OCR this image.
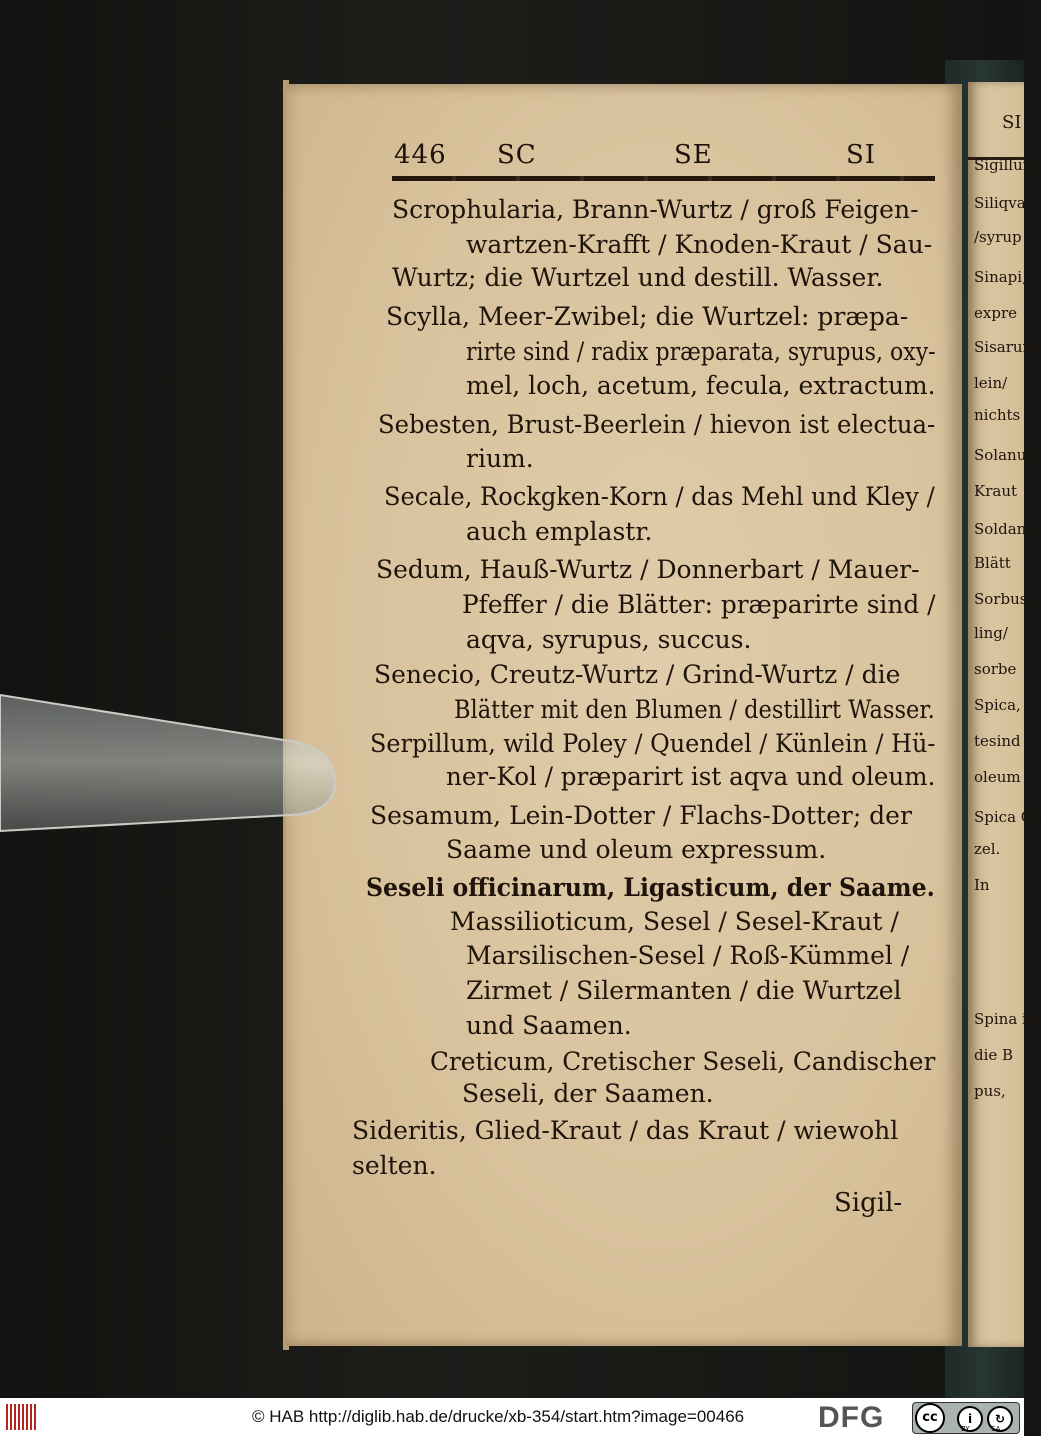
SI
Sigillum
Siliqva,
/syrup
Sinapi,
expre
Sisarum
lein/
nichts
Solanum
Kraut
Soldane
Blätt
Sorbus,
ling/
sorbe
Spica,
tesind
oleum
Spica Ce
zel.
In
Spina in
die B
pus,
446 SC	SE	SI
Scrophularia, Brann-Wurtz / groß Feigen-
wartzen-Krafft / Knoden-Kraut / Sau-
Wurtz; die Wurtzel und destill. Wasser.
Scylla, Meer-Zwibel; die Wurtzel: præpa-
rirte sind / radix præparata, syrupus, oxy-
mel, loch, acetum, fecula, extractum.
Sebesten, Brust-Beerlein / hievon ist electua-
rium.
Secale, Rockgken-Korn / das Mehl und Kley /
auch emplastr.
Sedum, Hauß-Wurtz / Donnerbart / Mauer-
Pfeffer / die Blätter: præparirte sind /
aqva, syrupus, succus.
Senecio, Creutz-Wurtz / Grind-Wurtz / die
Blätter mit den Blumen / destillirt Wasser.
Serpillum, wild Poley / Quendel / Künlein / Hü-
ner-Kol / præparirt ist aqva und oleum.
Sesamum, Lein-Dotter / Flachs-Dotter; der
Saame und oleum expressum.
Seseli officinarum, Ligasticum, der Saame.
Massilioticum, Sesel / Sesel-Kraut /
Marsilischen-Sesel / Roß-Kümmel /
Zirmet / Silermanten / die Wurtzel
und Saamen.
Creticum, Cretischer Seseli, Candischer
Seseli, der Saamen.
Sideritis, Glied-Kraut / das Kraut / wiewohl
selten.
Sigil-
© HAB http://diglib.hab.de/drucke/xb-354/start.htm?image=00466 DFG	cc	i	↻
BY	SA
